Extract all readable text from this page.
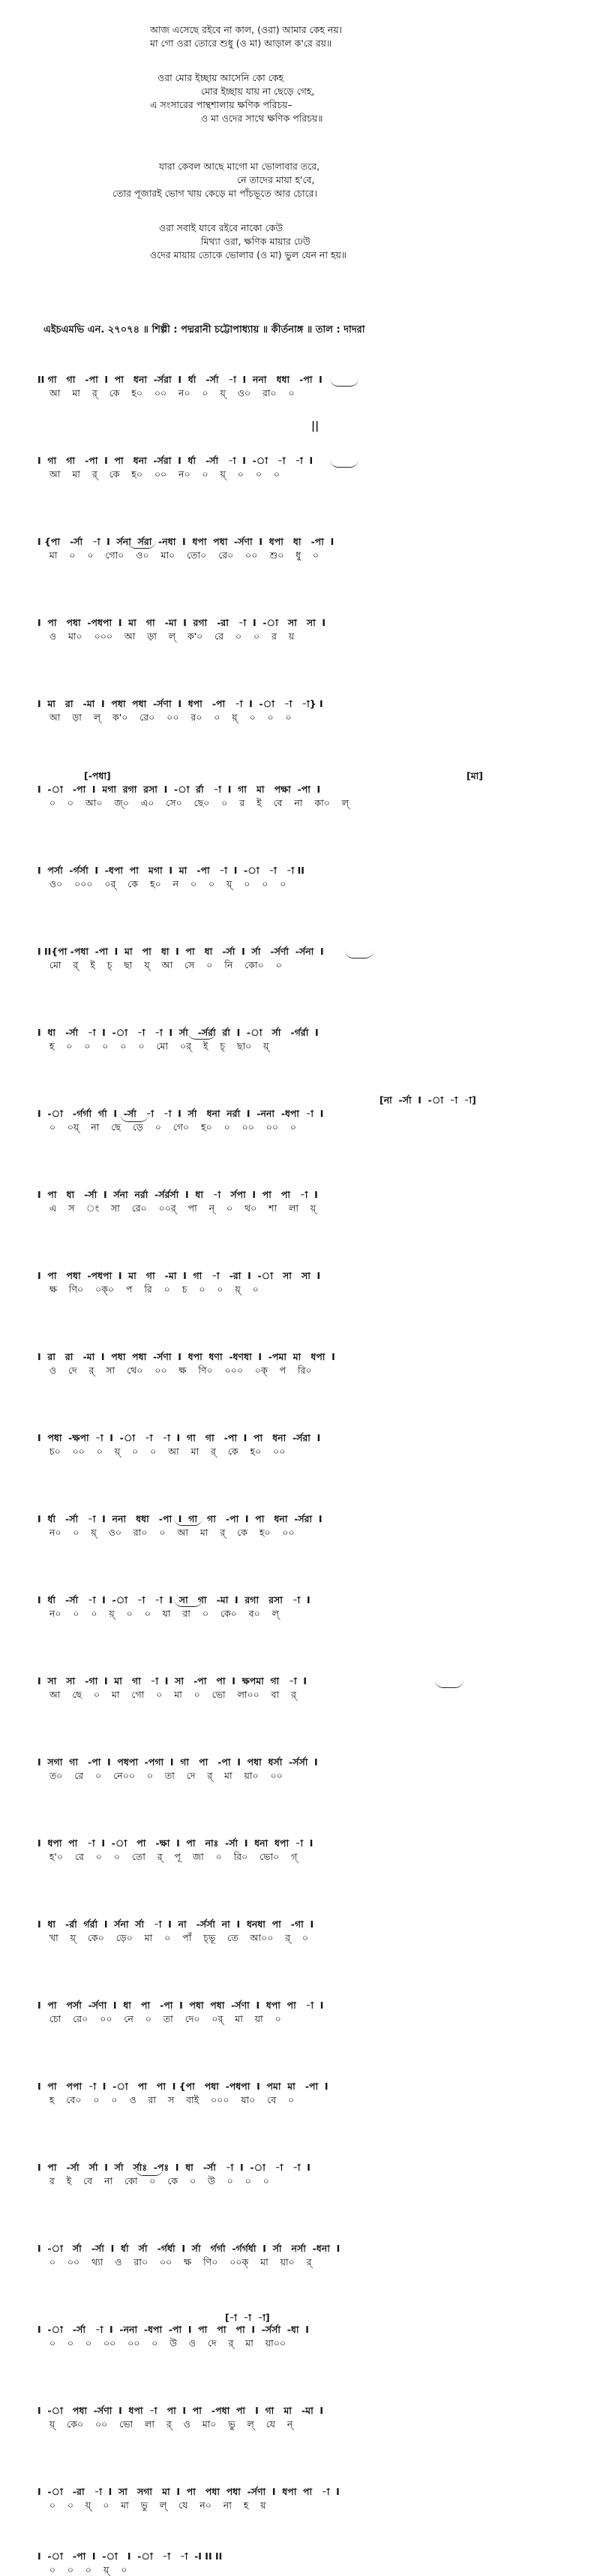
আজ এসেছে রইবে না কাল, (ওরা) আমার কেহ নয়।
মা গো ওরা তোরে শুধু (ও মা) আড়াল ক'রে রয়॥
ওরা মোর ইচ্ছায় আসেনি কো কেহ
মোর ইচ্ছায় যায় না ছেড়ে গেহ,
এ সংসারের পান্থশালায় ক্ষণিক পরিচয়–
ও মা ওদের সাথে ক্ষণিক পরিচয়॥
যারা কেবল আছে মাগো মা ভোলাবার তরে,
নে তাদের মায়া হ'বে,
তোর পূজারই ভোগ খায় কেড়ে মা পাঁচভূতে আর চোরে।
ওরা সবাই যাবে রইবে নাকো কেউ
মিথ্যা ওরা, ক্ষণিক মায়ার ঢেউ
ওদের মায়ায় তোকে ভোলার (ও মা) ভুল যেন না হয়॥
এইচএমভি এন. ২৭০৭৪ ॥ শিল্পী : পদ্মরানী চট্টোপাধ্যায় ॥ কীর্তনাঙ্গ ॥ তাল : দাদরা
||
II গা   গা   -পা  I  পা   ধনা  -র্সরা  I  র্ধা   -র্সা   -া  I  ননা   ধধা   -পা  I
আ    মা    র্    কে    হ০    ০০    ন০    ০    য়্    ও০    রা০    ০
I  গা   গা   -পা  I  পা   ধনা  -র্সরা  I  র্ধা   -র্সা   -া  I  -া   -া   -া  I
আ    মা    র্    কে    হ০    ০০    ন০    ০    য়্    ০    ০    ০
I {পা   -র্সা   -া  I  র্সনা  র্সরা  -নধা  I  ধপা  পধা  -র্সণা  I  ধপা   ধা   -পা  I
মা    ০    ০    গো০    ও০    মা০    তো০    রে০    ০০    শু০    ধু    ০
I  পা   পধা  -পধপা  I  মা   গা   -মা  I  রগা   -রা   -া  I  -া   সা   সা  I
ও    মা০    ০০০    আ    ড়া    ল্    ক'০    রে    ০    ০    র    য়
I  মা   রা   -মা  I  পধা  পধা  -র্সণা  I  ধপা   -পা   -া  I  -া   -া   -া} I
আ    ড়া    ল্    ক'০    রে০    ০০    র০    ০    য়্    ০    ০    ০
I  -া   -পা  I  মগা  রগা  রসা  I  -া  র্রা   -া  I  গা   মা   পক্ষা  -পা  I
০    ০    আ০    জ্০    এ০    সে০    ছে০    ০    র    ই    বে    না    কা০    ল্
I  পর্সা  -র্গর্সা  I  -ধপা  পা   মগা  I  মা   -পা   -া  I  -া   -া   -া II
ও০    ০০০    ০র্    কে    হ০    ন    ০    ০    য়্    ০    ০    ০
I II{পা -পধা  -পা  I  মা   পা   ধা  I  পা   ধা   -র্সা  I  র্সা   -র্সর্ণা  -র্সনা  I
মো    র্    ই    চ্    ছা    য়্    আ    সে    ০    নি    কো০    ০
I  ধা   -র্সা   -া  I  -া   -া   -া  I  র্সা   -র্সর্রা  র্রা  I  -া   র্সা   -র্গর্রা  I
হ    ০    ০    ০    ০    ০    মো    ০র্    ই    চ্    ছা০    য়্
I  -া   -র্গর্গা  র্গা  I  -র্সা   -া   -া  I  র্সা   ধনা  নর্রা  I  -ননা  -ধপা  -া  I
০    ০য়্    না    ছে    ড়ে    ০    গে০    হ০    ০    ০০    ০০    ০
I  পা   ধা   -র্সা  I  র্সনা  নর্রা  -র্সর্রর্সা  I  ধা   -া   র্সপা  I  পা   পা   -া  I
এ    স    ং    সা    রে০    ০০র্    পা    ন্    ০    থ০    শা    লা    য়্
I  পা   পধা  -পধপা  I  মা   গা   -মা  I  গা   -া   -রা  I  -া   সা   সা  I
ক্ষ    ণি০    ০ক্০    প    রি    ০    চ    ০    ০    য়্    ০
I  রা   রা   -মা  I  পধা  পধা  -র্সণা  I  ধপা  ধণা  -ধণধা  I  -পমা  মা   ধপা  I
ও    দে    র্    সা    থে০    ০০    ক্ষ    ণি০    ০০০    ০ক্    প    রি০
I  পধা  -ক্ষপা  -া  I  -া   -া   -া  I  গা   গা   -পা  I  পা   ধনা  -র্সরা  I
চ০    ০০    ০    য়্    ০    ০    আ    মা    র্    কে    হ০    ০০
I  র্ধা   -র্সা   -া  I  ননা   ধধা   -পা  I  গা   গা   -পা  I  পা   ধনা  -র্সরা  I
ন০    ০    য়্    ও০    রা০    ০    আ    মা    র্    কে    হ০    ০০
I  র্ধা   -র্সা   -া  I  -া   -া   -া  I  সা   গা   -মা  I  রগা   রসা   -া  I
ন০    ০    ০    য়্    ০    ০    যা    রা    ০    কে০    ব০    ল্
I  সা   সা   -গা  I  মা   গা   -া  I  সা   -পা   পা  I  ক্ষপমা  গা   -া  I
আ    ছে    ০    মা    গো    ০    মা    ০    ভো    লা০০    বা    র্
I  সগা  গা   -পা  I  পধপা  -পগা  I  গা   পা   -পা  I  পধা  ধর্সা  -র্সর্সা  I
ত০    রে    ০    নে০০    ০    তা    দে    র্    মা    য়া০    ০০
I  ধপা  পা   -া  I  -া   পা   -ক্ষা  I  পা   নাঃ  -র্সা  I  ধনা  ধপা  -া  I
হ'০    রে    ০    ০    তো    র্    পূ    জা    ০    রি০    ভো০    গ্
I  ধা   -র্রা  র্গর্রা  I  র্সনা  র্সা   -া  I  না   -র্সর্সা  না  I  ধনধা  পা   -গা  I
খা    য়্    কে০    ড়ে০    মা    ০    পাঁ    চ্ভূ    তে    আ০০    র্    ০
I  পা   পর্সা  -র্সণা  I  ধা   পা   -পা  I  পধা  পধা  -র্সণা  I  ধপা  পা   -া  I
চো    রে০    ০০    নে    ০    তা    দে০    ০র্    মা    য়া    ০
I  পা   পপা  -া  I  -া   পা   পা  I {পা   পধা  -পধপা  I  পমা  মা   -পা  I
হ    বে০    ০    ০    ও    রা    স    বাই    ০০০    যা০    বে    ০
I  পা   -র্সা   র্সা  I  র্সা   র্সাঃ  -পঃ  I  ধা   -র্সা   -া  I  -া   -া   -া  I
র    ই    বে    না    কো    ০    কে    ০    উ    ০    ০    ০
I  -া   র্সা   -র্সা  I  র্ধা   র্সা   -র্গর্ধা  I  র্সা   র্গর্গা  -র্গর্গর্ধা  I  র্সা   নর্সা  -ধনা  I
০    ০০    থ্যা    ও    রা০    ০০    ক্ষ    ণি০    ০০ক্    মা    য়া০    র্
I  -া   -র্সা   -া  I  -ননা  -ধপা  -পা  I  পা   পা   পা  I  -র্সর্সা  -ধা  I
০    ০    ০    ০০    ০০    ০    উ    ও    দে    র্    মা    য়া০০
I  -া   পধা  -র্সণা  I  ধপা  -া   পা  I  পা   -পধা  পা   I  গা   মা   -মা  I
য়্    কে০    ০০    ভো    লা    র্    ও    মা০    ভু    ল্    যে    ন্
I  -া   -রা   -া  I  সা   সগা   মা  I  পা   পধা  পধা  -র্সণা  I  ধপা  পা   -া  I
০    ০    য়্    ০    মা    ভু    ল্    যে    ন০    না    হ    য়
I  -া   -পা  I  -া   I  -া   -া   -া  -I II II
০    ০    ০    য়্    ০
[-পধা]	[মা]
[না  -র্সা  I  -া  -া  -া]
[-া  -া  -া]
